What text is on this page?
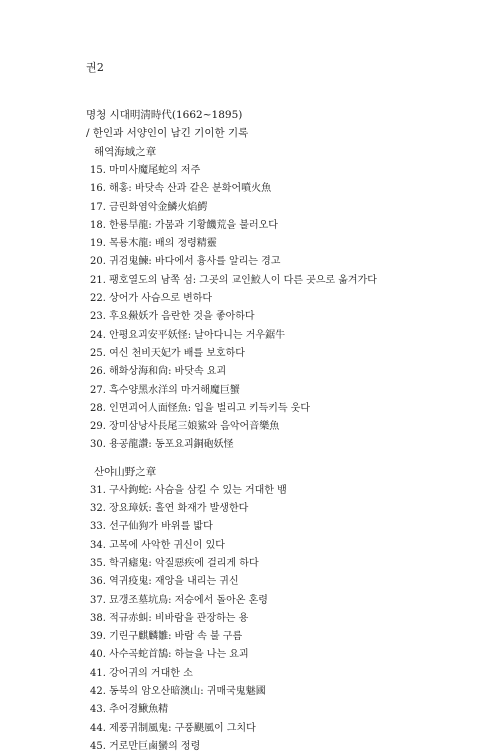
권2
명청 시대明淸時代(1662~1895)
/ 한인과 서양인이 남긴 기이한 기록
해역海域之章
15. 마미사魔尾蛇의 저주
16. 해홍: 바닷속 산과 같은 분화어噴火魚
17. 금린화염악金鱗火焰鰐
18. 한룡旱龍: 가뭄과 기황饑荒을 불러오다
19. 목룡木龍: 배의 정령精靈
20. 귀검鬼鰊: 바다에서 흉사를 알리는 경고
21. 팽호열도의 남쪽 섬: 그곳의 교인鮫人이 다른 곳으로 옮겨가다
22. 상어가 사슴으로 변하다
23. 후요鱟妖가 음란한 것을 좋아하다
24. 안평요괴安平妖怪: 날아다니는 거우鋸牛
25. 여신 천비天妃가 배를 보호하다
26. 해화상海和尙: 바닷속 요괴
27. 흑수양黑水洋의 마거해魔巨蟹
28. 인면괴어人面怪魚: 입을 벌리고 키득키득 웃다
29. 장미삼낭사長尾三娘鯊와 음악어音樂魚
30. 용공龍讚: 동포요괴銅砲妖怪
산야山野之章
31. 구사鉤蛇: 사슴을 삼킬 수 있는 거대한 뱀
32. 장요璋妖: 홀연 화재가 발생한다
33. 선구仙狗가 바위를 밟다
34. 고목에 사악한 귀신이 있다
35. 학귀瘧鬼: 악질惡疾에 걸리게 하다
36. 역귀疫鬼: 재앙을 내리는 귀신
37. 묘갱조墓坑鳥: 저승에서 돌아온 혼령
38. 적규赤虯: 비바람을 관장하는 용
39. 기린구麒麟雛: 바람 속 불 구름
40. 사수곡蛇首鵠: 하늘을 나는 요괴
41. 강어귀의 거대한 소
42. 동북의 암오산暗澳山: 귀매국鬼魅國
43. 추어경鰍魚精
44. 제풍귀制風鬼: 구풍颶風이 그치다
45. 거로만巨鹵蠻의 정령
